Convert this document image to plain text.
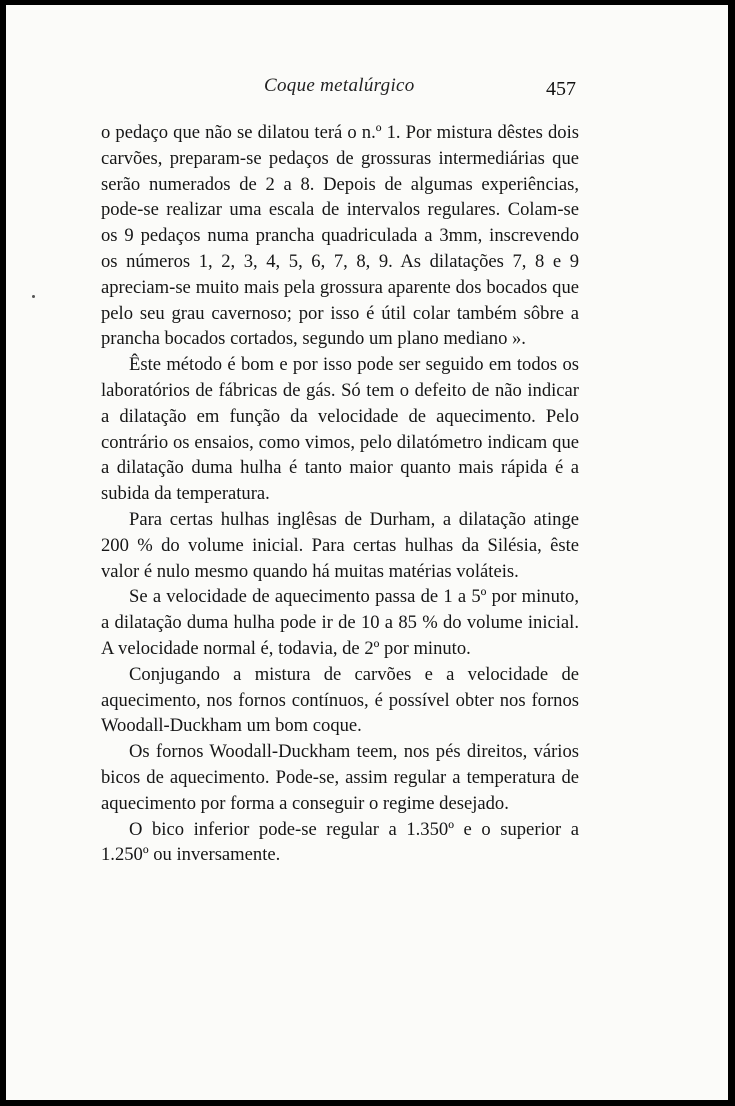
Coque metalúrgico	457

o pedaço que não se dilatou terá o n.º 1. Por mistura dêstes dois carvões, preparam-se pedaços de grossuras intermediárias que serão numerados de 2 a 8. Depois de algumas experiências, pode-se realizar uma escala de intervalos regulares. Colam-se os 9 pedaços numa prancha quadriculada a 3mm, inscrevendo os números 1, 2, 3, 4, 5, 6, 7, 8, 9. As dilatações 7, 8 e 9 apreciam-se muito mais pela grossura aparente dos bocados que pelo seu grau cavernoso; por isso é útil colar também sôbre a prancha bocados cortados, segundo um plano mediano ».

Êste método é bom e por isso pode ser seguido em todos os laboratórios de fábricas de gás. Só tem o defeito de não indicar a dilatação em função da velocidade de aquecimento. Pelo contrário os ensaios, como vimos, pelo dilatómetro indicam que a dilatação duma hulha é tanto maior quanto mais rápida é a subida da temperatura.

Para certas hulhas inglêsas de Durham, a dilatação atinge 200 % do volume inicial. Para certas hulhas da Silésia, êste valor é nulo mesmo quando há muitas matérias voláteis.

Se a velocidade de aquecimento passa de 1 a 5º por minuto, a dilatação duma hulha pode ir de 10 a 85 % do volume inicial. A velocidade normal é, todavia, de 2º por minuto.

Conjugando a mistura de carvões e a velocidade de aquecimento, nos fornos contínuos, é possível obter nos fornos Woodall-Duckham um bom coque.

Os fornos Woodall-Duckham teem, nos pés direitos, vários bicos de aquecimento. Pode-se, assim regular a temperatura de aquecimento por forma a conseguir o regime desejado.

O bico inferior pode-se regular a 1.350º e o superior a 1.250º ou inversamente.
